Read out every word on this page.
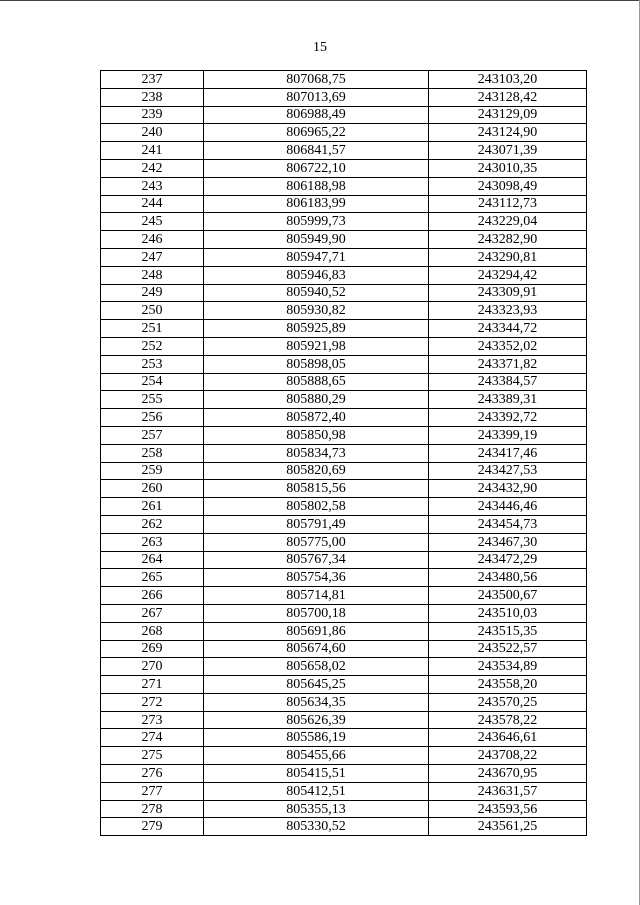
15
237	807068,75	243103,20
238	807013,69	243128,42
239	806988,49	243129,09
240	806965,22	243124,90
241	806841,57	243071,39
242	806722,10	243010,35
243	806188,98	243098,49
244	806183,99	243112,73
245	805999,73	243229,04
246	805949,90	243282,90
247	805947,71	243290,81
248	805946,83	243294,42
249	805940,52	243309,91
250	805930,82	243323,93
251	805925,89	243344,72
252	805921,98	243352,02
253	805898,05	243371,82
254	805888,65	243384,57
255	805880,29	243389,31
256	805872,40	243392,72
257	805850,98	243399,19
258	805834,73	243417,46
259	805820,69	243427,53
260	805815,56	243432,90
261	805802,58	243446,46
262	805791,49	243454,73
263	805775,00	243467,30
264	805767,34	243472,29
265	805754,36	243480,56
266	805714,81	243500,67
267	805700,18	243510,03
268	805691,86	243515,35
269	805674,60	243522,57
270	805658,02	243534,89
271	805645,25	243558,20
272	805634,35	243570,25
273	805626,39	243578,22
274	805586,19	243646,61
275	805455,66	243708,22
276	805415,51	243670,95
277	805412,51	243631,57
278	805355,13	243593,56
279	805330,52	243561,25
